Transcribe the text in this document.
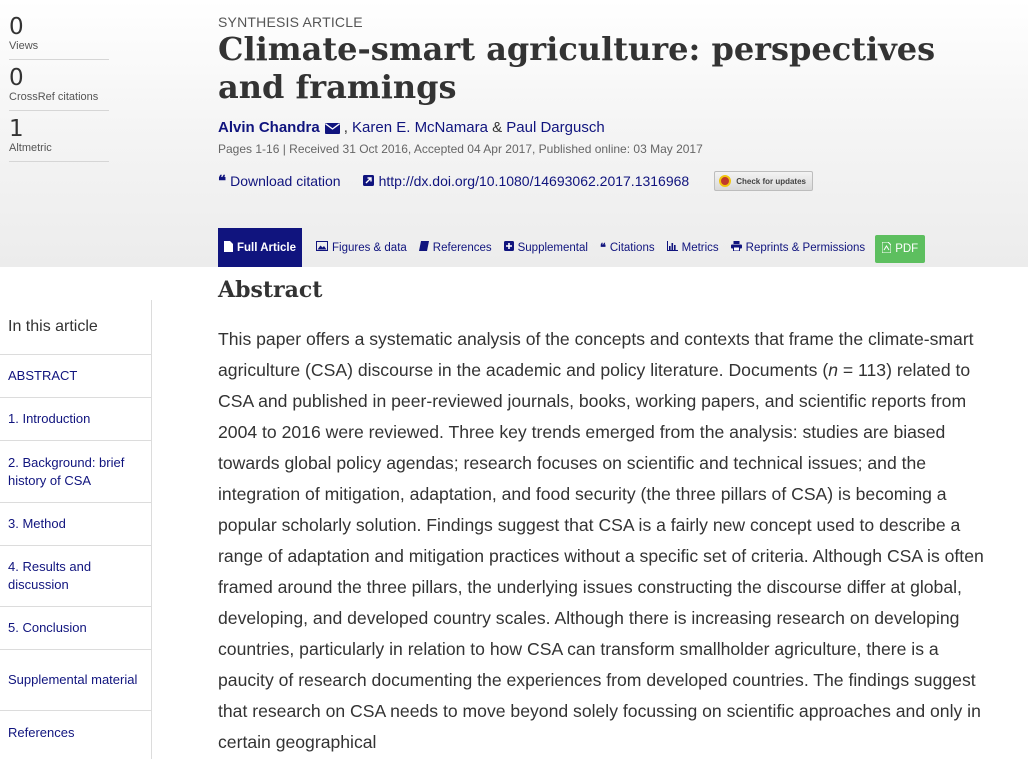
0
Views
0
CrossRef citations
1
Altmetric
SYNTHESIS ARTICLE
Climate-smart agriculture: perspectives and framings
Alvin Chandra , Karen E. McNamara & Paul Dargusch
Pages 1-16 | Received 31 Oct 2016, Accepted 04 Apr 2017, Published online: 03 May 2017
❝ Download citation	http://dx.doi.org/10.1080/14693062.2017.1316968	Check for updates
Full Article	Figures & data References Supplemental ❝ Citations Metrics Reprints & Permissions	PDF
In this article
ABSTRACT
1. Introduction
2. Background: brief history of CSA
3. Method
4. Results and discussion
5. Conclusion
Supplemental material
References
Abstract

This paper offers a systematic analysis of the concepts and contexts that frame the climate-smart agriculture (CSA) discourse in the academic and policy literature. Documents (n = 113) related to CSA and published in peer-reviewed journals, books, working papers, and scientific reports from 2004 to 2016 were reviewed. Three key trends emerged from the analysis: studies are biased towards global policy agendas; research focuses on scientific and technical issues; and the integration of mitigation, adaptation, and food security (the three pillars of CSA) is becoming a popular scholarly solution. Findings suggest that CSA is a fairly new concept used to describe a range of adaptation and mitigation practices without a specific set of criteria. Although CSA is often framed around the three pillars, the underlying issues constructing the discourse differ at global, developing, and developed country scales. Although there is increasing research on developing countries, particularly in relation to how CSA can transform smallholder agriculture, there is a paucity of research documenting the experiences from developed countries. The findings suggest that research on CSA needs to move beyond solely focussing on scientific approaches and only in certain geographical
